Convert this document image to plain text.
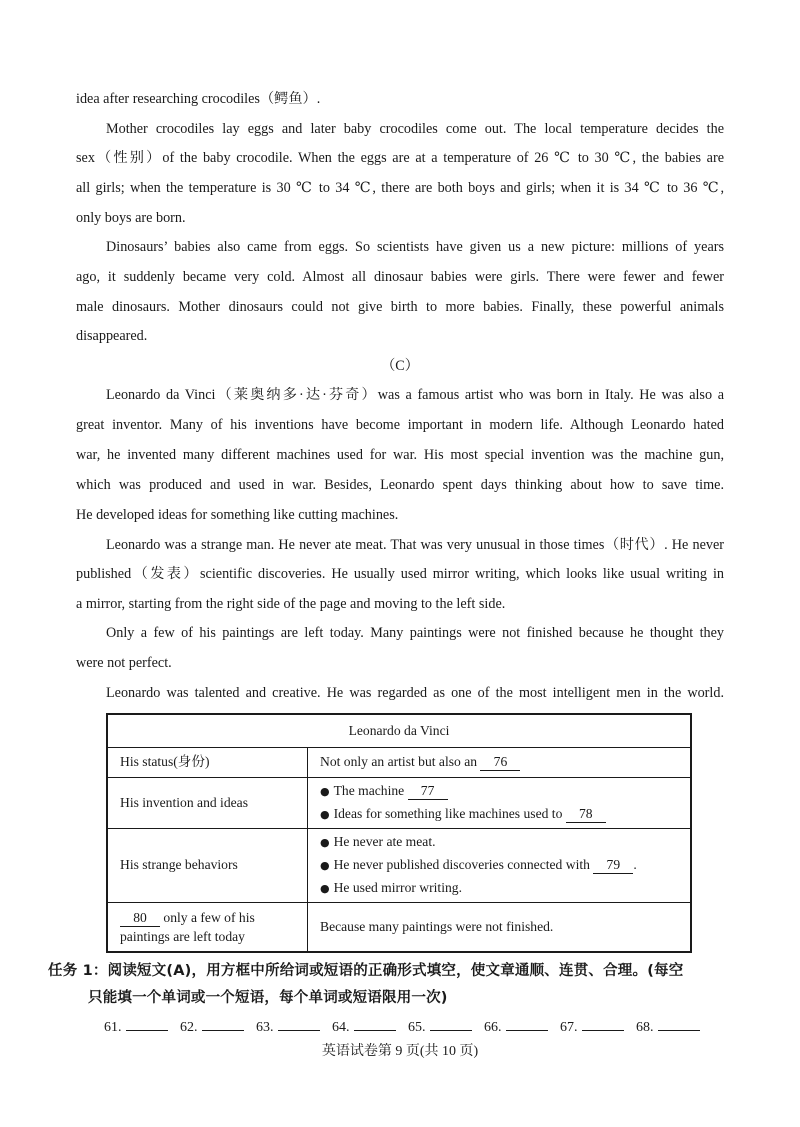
idea after researching crocodiles（鳄鱼）.
Mother crocodiles lay eggs and later baby crocodiles come out. The local temperature decides the
sex（性别）of the baby crocodile. When the eggs are at a temperature of 26 ℃ to 30 ℃, the babies are
all girls; when the temperature is 30 ℃ to 34 ℃, there are both boys and girls; when it is 34 ℃ to 36 ℃,
only boys are born.
Dinosaurs’ babies also came from eggs. So scientists have given us a new picture: millions of years
ago, it suddenly became very cold. Almost all dinosaur babies were girls. There were fewer and fewer
male dinosaurs. Mother dinosaurs could not give birth to more babies. Finally, these powerful animals
disappeared.
（C）
Leonardo da Vinci（莱奥纳多·达·芬奇）was a famous artist who was born in Italy. He was also a
great inventor. Many of his inventions have become important in modern life. Although Leonardo hated
war, he invented many different machines used for war. His most special invention was the machine gun,
which was produced and used in war. Besides, Leonardo spent days thinking about how to save time.
He developed ideas for something like cutting machines.
Leonardo was a strange man. He never ate meat. That was very unusual in those times（时代）. He never
published（发表）scientific discoveries. He usually used mirror writing, which looks like usual writing in
a mirror, starting from the right side of the page and moving to the left side.
Only a few of his paintings are left today. Many paintings were not finished because he thought they
were not perfect.
Leonardo was talented and creative. He was regarded as one of the most intelligent men in the world.
Leonardo da Vinci	
His status(身份)	Not only an artist but also an 76
His invention and ideas	● The machine 77
● Ideas for something like machines used to 78

His strange behaviors	● He never ate meat.
● He never published discoveries connected with 79 .
● He used mirror writing.

80 only a few of his
paintings are left today	Because many paintings were not finished.
任务 1：阅读短文(A)，用方框中所给词或短语的正确形式填空，使文章通顺、连贯、合理。(每空
只能填一个单词或一个短语，每个单词或短语限用一次)
61.	62.	63.	64.	65.	66.	67.	68.
英语试卷第 9 页(共 10 页)
